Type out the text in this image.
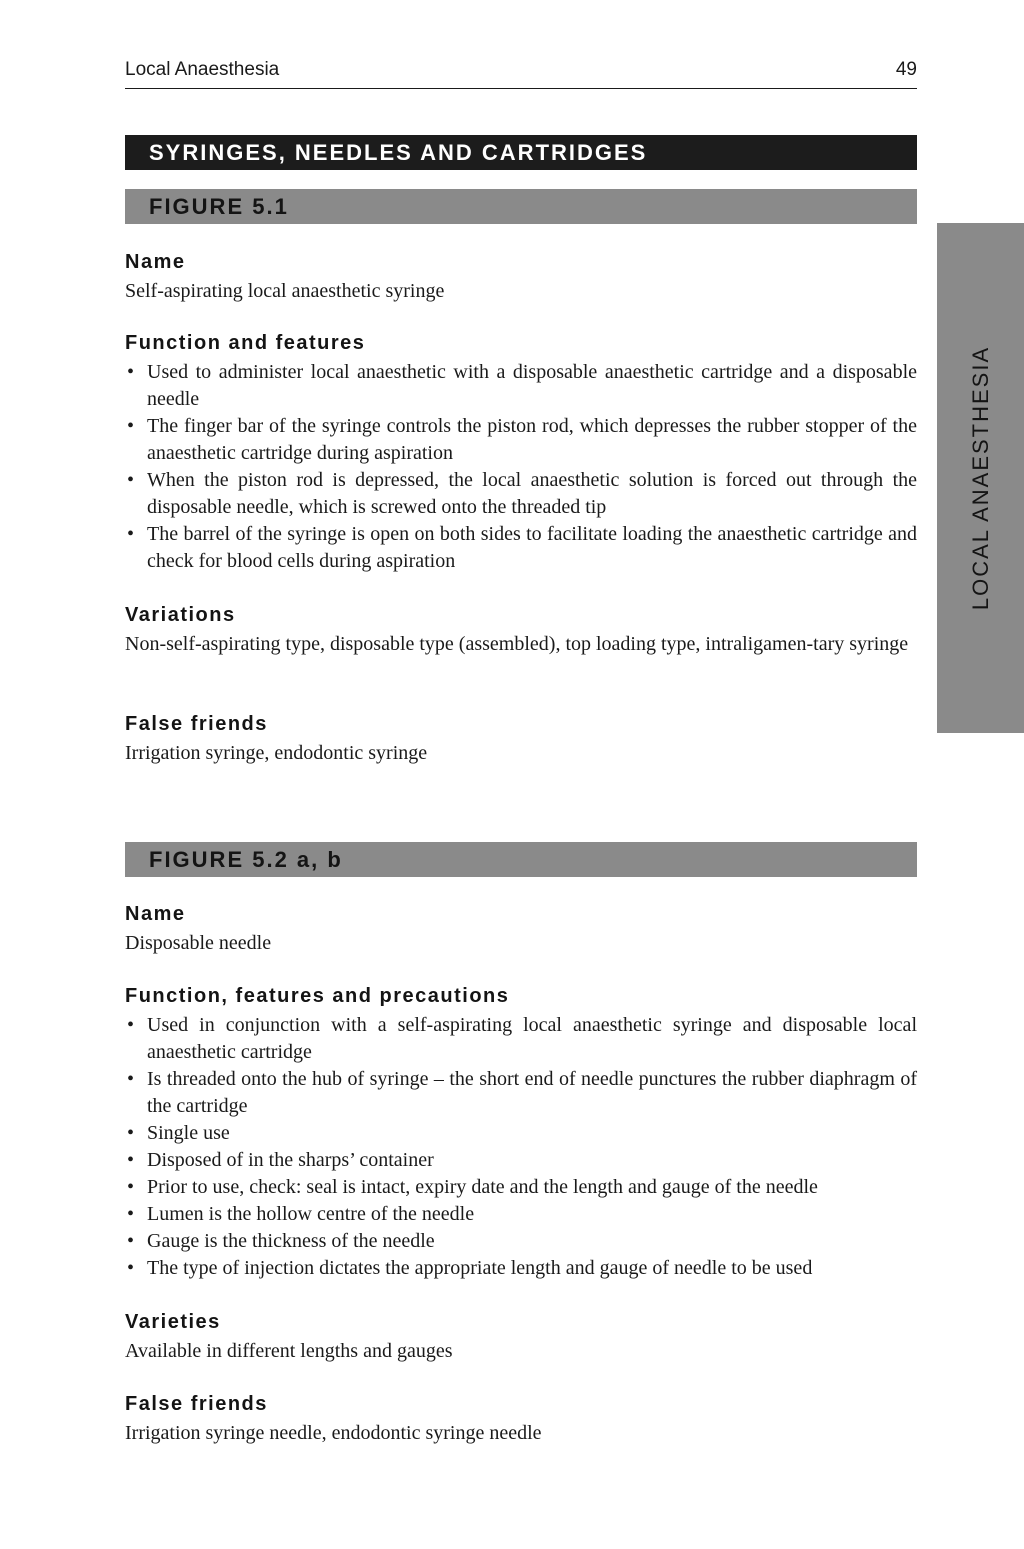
Local Anaesthesia	49
SYRINGES, NEEDLES AND CARTRIDGES
FIGURE 5.1
LOCAL ANAESTHESIA
Name
Self-aspirating local anaesthetic syringe
Function and features
• Used to administer local anaesthetic with a disposable anaesthetic cartridge and a disposable needle
• The finger bar of the syringe controls the piston rod, which depresses the rubber stopper of the anaesthetic cartridge during aspiration
• When the piston rod is depressed, the local anaesthetic solution is forced out through the disposable needle, which is screwed onto the threaded tip
• The barrel of the syringe is open on both sides to facilitate loading the anaesthetic cartridge and check for blood cells during aspiration
Variations
Non-self-aspirating type, disposable type (assembled), top loading type, intraligamen-tary syringe
False friends
Irrigation syringe, endodontic syringe
FIGURE 5.2 a, b
Name
Disposable needle
Function, features and precautions
• Used in conjunction with a self-aspirating local anaesthetic syringe and disposable local anaesthetic cartridge
• Is threaded onto the hub of syringe – the short end of needle punctures the rubber diaphragm of the cartridge
• Single use
• Disposed of in the sharps’ container
• Prior to use, check: seal is intact, expiry date and the length and gauge of the needle
• Lumen is the hollow centre of the needle
• Gauge is the thickness of the needle
• The type of injection dictates the appropriate length and gauge of needle to be used
Varieties
Available in different lengths and gauges
False friends
Irrigation syringe needle, endodontic syringe needle
